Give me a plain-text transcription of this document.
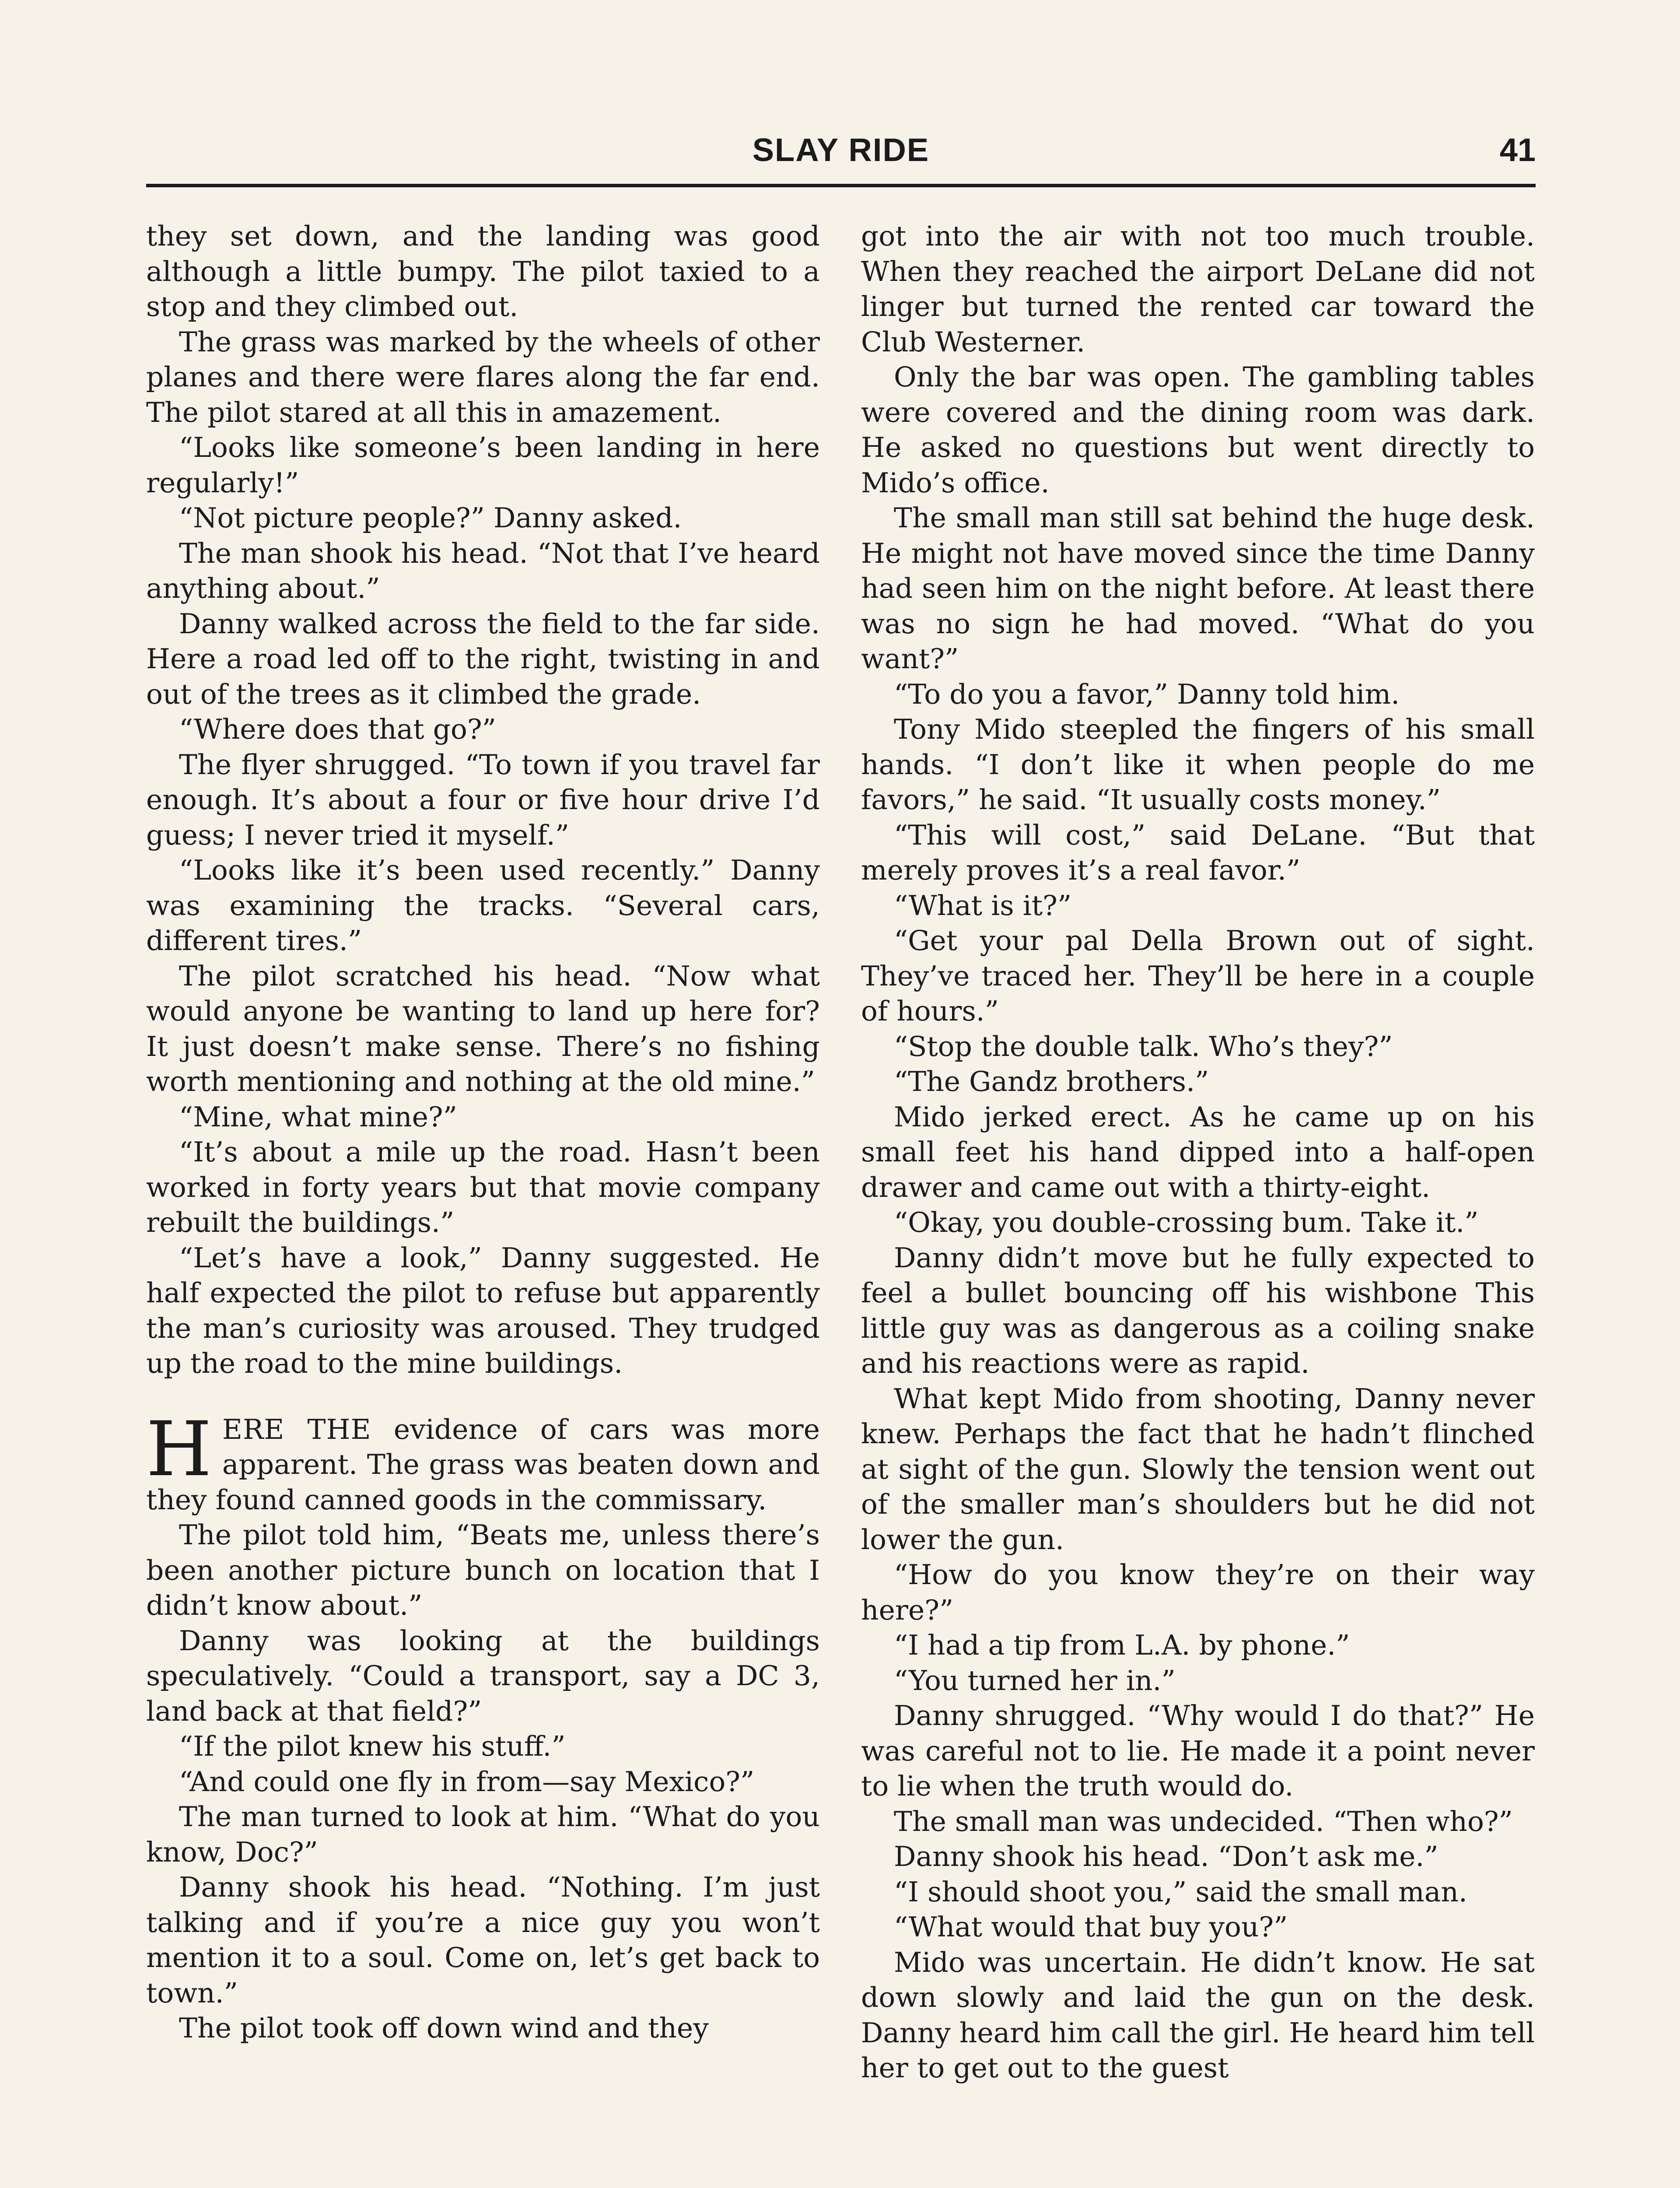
SLAY RIDE	41

they set down, and the landing was good although a little bumpy. The pilot taxied to a stop and they climbed out.

The grass was marked by the wheels of other planes and there were flares along the far end. The pilot stared at all this in amazement.

“Looks like someone’s been landing in here regularly!”

“Not picture people?” Danny asked.

The man shook his head. “Not that I’ve heard anything about.”

Danny walked across the field to the far side. Here a road led off to the right, twisting in and out of the trees as it climbed the grade.

“Where does that go?”

The flyer shrugged. “To town if you travel far enough. It’s about a four or five hour drive I’d guess; I never tried it myself.”

“Looks like it’s been used recently.” Danny was examining the tracks. “Several cars, different tires.”

The pilot scratched his head. “Now what would anyone be wanting to land up here for? It just doesn’t make sense. There’s no fishing worth mentioning and nothing at the old mine.”

“Mine, what mine?”

“It’s about a mile up the road. Hasn’t been worked in forty years but that movie company rebuilt the buildings.”

“Let’s have a look,” Danny suggested. He half expected the pilot to refuse but apparently the man’s curiosity was aroused. They trudged up the road to the mine buildings.

HERE THE evidence of cars was more apparent. The grass was beaten down and they found canned goods in the commissary.

The pilot told him, “Beats me, unless there’s been another picture bunch on location that I didn’t know about.”

Danny was looking at the buildings speculatively. “Could a transport, say a DC 3, land back at that field?”

“If the pilot knew his stuff.”

“And could one fly in from—say Mexico?”

The man turned to look at him. “What do you know, Doc?”

Danny shook his head. “Nothing. I’m just talking and if you’re a nice guy you won’t mention it to a soul. Come on, let’s get back to town.”

The pilot took off down wind and they

got into the air with not too much trouble. When they reached the airport DeLane did not linger but turned the rented car toward the Club Westerner.

Only the bar was open. The gambling tables were covered and the dining room was dark. He asked no questions but went directly to Mido’s office.

The small man still sat behind the huge desk. He might not have moved since the time Danny had seen him on the night before. At least there was no sign he had moved. “What do you want?”

“To do you a favor,” Danny told him.

Tony Mido steepled the fingers of his small hands. “I don’t like it when people do me favors,” he said. “It usually costs money.”

“This will cost,” said DeLane. “But that merely proves it’s a real favor.”

“What is it?”

“Get your pal Della Brown out of sight. They’ve traced her. They’ll be here in a couple of hours.”

“Stop the double talk. Who’s they?”

“The Gandz brothers.”

Mido jerked erect. As he came up on his small feet his hand dipped into a half-open drawer and came out with a thirty-eight.

“Okay, you double-crossing bum. Take it.”

Danny didn’t move but he fully expected to feel a bullet bouncing off his wishbone This little guy was as dangerous as a coiling snake and his reactions were as rapid.

What kept Mido from shooting, Danny never knew. Perhaps the fact that he hadn’t flinched at sight of the gun. Slowly the tension went out of the smaller man’s shoulders but he did not lower the gun.

“How do you know they’re on their way here?”

“I had a tip from L.A. by phone.”

“You turned her in.”

Danny shrugged. “Why would I do that?” He was careful not to lie. He made it a point never to lie when the truth would do.

The small man was undecided. “Then who?”

Danny shook his head. “Don’t ask me.”

“I should shoot you,” said the small man.

“What would that buy you?”

Mido was uncertain. He didn’t know. He sat down slowly and laid the gun on the desk. Danny heard him call the girl. He heard him tell her to get out to the guest
